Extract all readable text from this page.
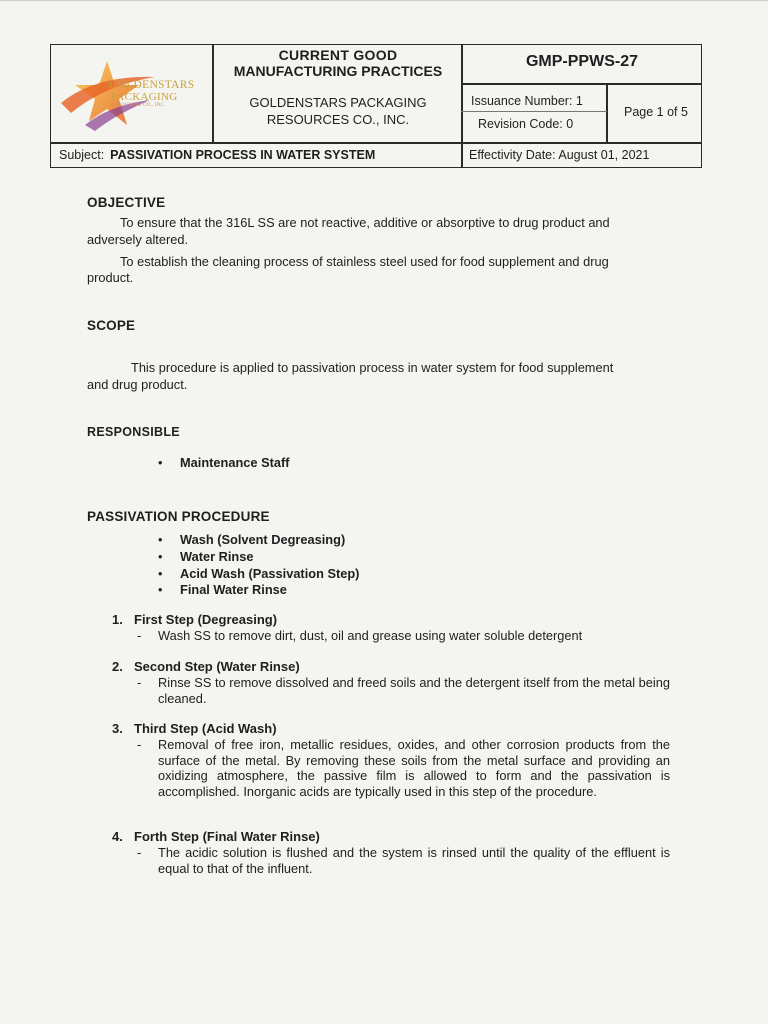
GOLDENSTARS
PACKAGING
RESOURCES CO., INC.
CURRENT GOOD
MANUFACTURING PRACTICES
GOLDENSTARS PACKAGING
RESOURCES CO., INC.
GMP-PPWS-27
Issuance Number: 1
Revision Code: 0
Page 1 of 5
Subject: PASSIVATION PROCESS IN WATER SYSTEM	Effectivity Date: August 01, 2021
OBJECTIVE
To ensure that the 316L SS are not reactive, additive or absorptive to drug product and
adversely altered.
To establish the cleaning process of stainless steel used for food supplement and drug
product.
SCOPE
This procedure is applied to passivation process in water system for food supplement
and drug product.
RESPONSIBLE
• Maintenance Staff
PASSIVATION PROCEDURE
• Wash (Solvent Degreasing)
• Water Rinse
• Acid Wash (Passivation Step)
• Final Water Rinse
1. First Step (Degreasing)
- Wash SS to remove dirt, dust, oil and grease using water soluble detergent
2. Second Step (Water Rinse)
- Rinse SS to remove dissolved and freed soils and the detergent itself from the metal being cleaned.
3. Third Step (Acid Wash)
- Removal of free iron, metallic residues, oxides, and other corrosion products from the surface of the metal. By removing these soils from the metal surface and providing an oxidizing atmosphere, the passive film is allowed to form and the passivation is accomplished. Inorganic acids are typically used in this step of the procedure.
4. Forth Step (Final Water Rinse)
- The acidic solution is flushed and the system is rinsed until the quality of the effluent is equal to that of the influent.
